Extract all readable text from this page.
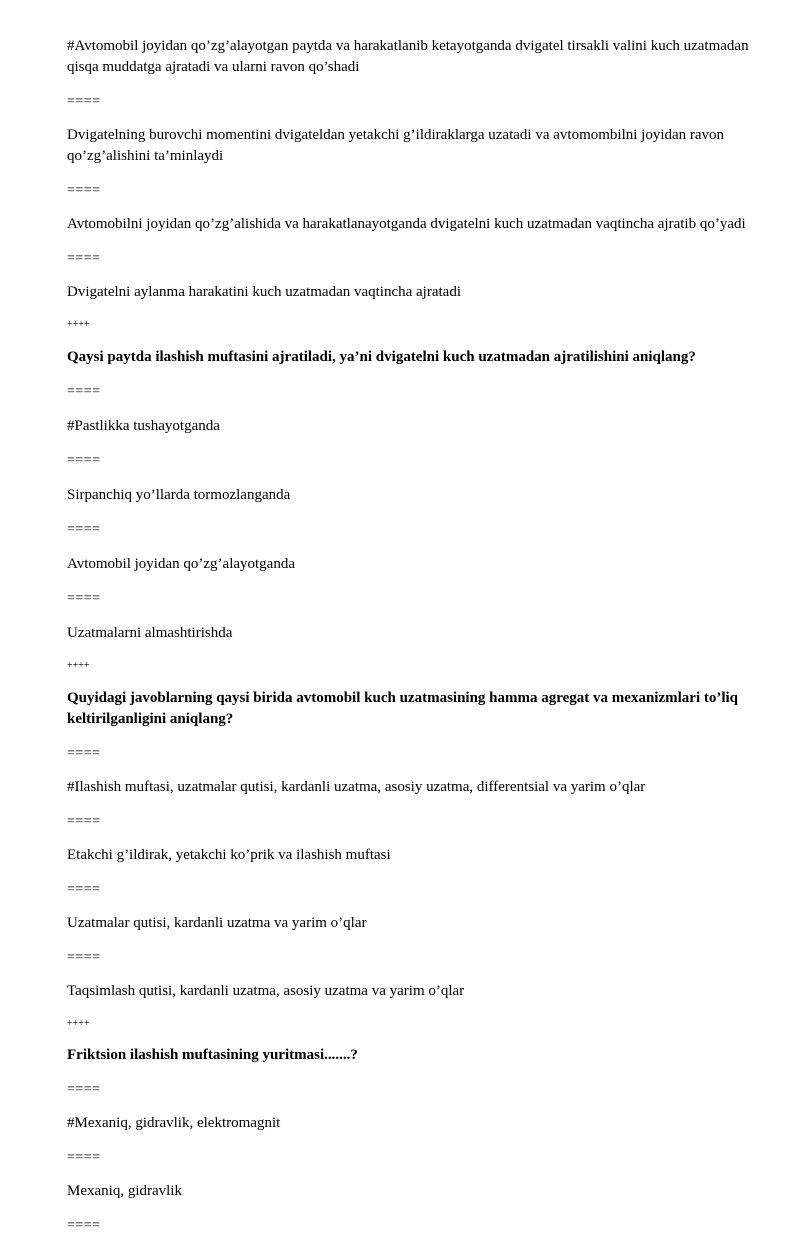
#Avtomobil joyidan qo’zg’alayotgan paytda va harakatlanib ketayotganda dvigatel tirsakli valini kuch uzatmadan qisqa muddatga ajratadi va ularni ravon qo’shadi

====

Dvigatelning burovchi momentini dvigateldan yetakchi g’ildiraklarga uzatadi va avtomombilni joyidan ravon qo’zg’alishini ta’minlaydi

====

Avtomobilni joyidan qo’zg’alishida va harakatlanayotganda dvigatelni kuch uzatmadan vaqtincha ajratib qo’yadi

====

Dvigatelni aylanma harakatini kuch uzatmadan vaqtincha ajratadi

++++

Qaysi paytda ilashish muftasini ajratiladi, ya’ni dvigatelni kuch uzatmadan ajratilishini aniqlang?

====

#Pastlikka tushayotganda

====

Sirpanchiq yo’llarda tormozlanganda

====

Avtomobil joyidan qo’zg’alayotganda

====

Uzatmalarni almashtirishda

++++

Quyidagi javoblarning qaysi birida avtomobil kuch uzatmasining hamma agregat va mexanizmlari to’liq keltirilganligini aniqlang?

====

#Ilashish muftasi, uzatmalar qutisi, kardanli uzatma, asosiy uzatma, differentsial va yarim o’qlar

====

Etakchi g’ildirak, yetakchi ko’prik va ilashish muftasi

====

Uzatmalar qutisi, kardanli uzatma va yarim o’qlar

====

Taqsimlash qutisi, kardanli uzatma, asosiy uzatma va yarim o’qlar

++++

Friktsion ilashish muftasining yuritmasi.......?

====

#Mexaniq, gidravlik, elektromagnit

====

Mexaniq, gidravlik

====
